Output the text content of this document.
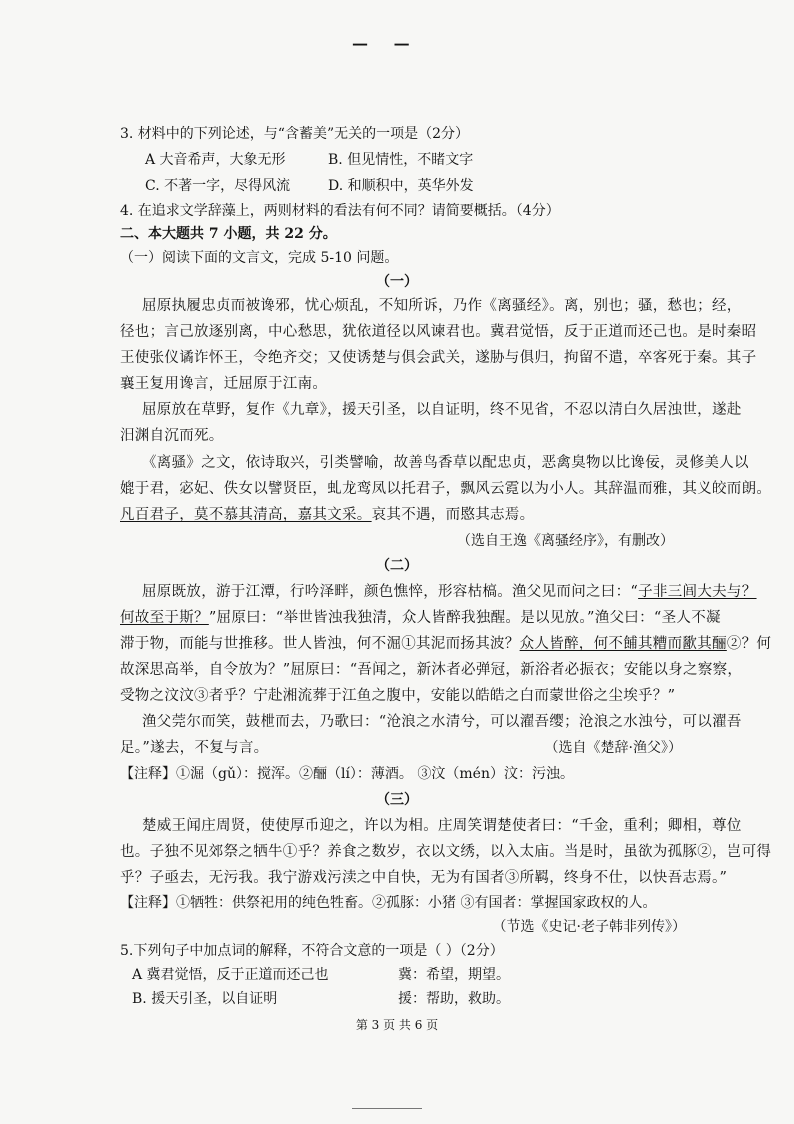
— —
3. 材料中的下列论述，与“含蓄美”无关的一项是（2分）
A 大音希声，大象无形	B. 但见情性，不睹文字
C. 不著一字，尽得风流	D. 和顺积中，英华外发
4. 在追求文学辞藻上，两则材料的看法有何不同？请简要概括。（4分）
二、本大题共 7 小题，共 22 分。
（一）阅读下面的文言文，完成 5-10 问题。
（一）
屈原执履忠贞而被谗邪，忧心烦乱，不知所诉，乃作《离骚经》。离，别也；骚，愁也；经，
径也；言己放逐别离，中心愁思，犹依道径以风谏君也。冀君觉悟，反于正道而还己也。是时秦昭
王使张仪谲诈怀王，令绝齐交；又使诱楚与俱会武关，遂胁与俱归，拘留不遣，卒客死于秦。其子
襄王复用谗言，迁屈原于江南。
屈原放在草野，复作《九章》，援天引圣，以自证明，终不见省，不忍以清白久居浊世，遂赴
汨渊自沉而死。
《离骚》之文，依诗取兴，引类譬喻，故善鸟香草以配忠贞，恶禽臭物以比谗佞，灵修美人以
媲于君，宓妃、佚女以譬贤臣，虬龙鸾凤以托君子，飘风云霓以为小人。其辞温而雅，其义皎而朗。
凡百君子，莫不慕其清高，嘉其文采。哀其不遇，而愍其志焉。
（选自王逸《离骚经序》，有删改）
（二）
屈原既放，游于江潭，行吟泽畔，颜色憔悴，形容枯槁。渔父见而问之曰：“子非三闾大夫与？
何故至于斯？”屈原曰：“举世皆浊我独清，众人皆醉我独醒。是以见放。”渔父曰：“圣人不凝
滞于物，而能与世推移。世人皆浊，何不淈①其泥而扬其波？众人皆醉，何不餔其糟而歠其酾②？何
故深思高举，自令放为？”屈原曰：“吾闻之，新沐者必弹冠，新浴者必振衣；安能以身之察察，
受物之汶汶③者乎？宁赴湘流葬于江鱼之腹中，安能以皓皓之白而蒙世俗之尘埃乎？”
渔父莞尔而笑，鼓枻而去，乃歌曰：“沧浪之水清兮，可以濯吾缨；沧浪之水浊兮，可以濯吾
足。”遂去，不复与言。	（选自《楚辞·渔父》）
【注释】①淈（gǔ）：搅浑。②酾（lí）：薄酒。 ③汶（mén）汶：污浊。
（三）
楚威王闻庄周贤，使使厚币迎之，许以为相。庄周笑谓楚使者曰：“千金，重利；卿相，尊位
也。子独不见郊祭之牺牛①乎？养食之数岁，衣以文绣，以入太庙。当是时，虽欲为孤豚②，岂可得
乎？子亟去，无污我。我宁游戏污渎之中自快，无为有国者③所羁，终身不仕，以快吾志焉。”
【注释】①牺牲：供祭祀用的纯色牲畜。②孤豚：小猪 ③有国者：掌握国家政权的人。
（节选《史记·老子韩非列传》）
5.下列句子中加点词的解释，不符合文意的一项是（ ）（2分）
A 冀君觉悟，反于正道而还己也	冀：希望，期望。
B. 援天引圣，以自证明	援：帮助，救助。
第 3 页 共 6 页
